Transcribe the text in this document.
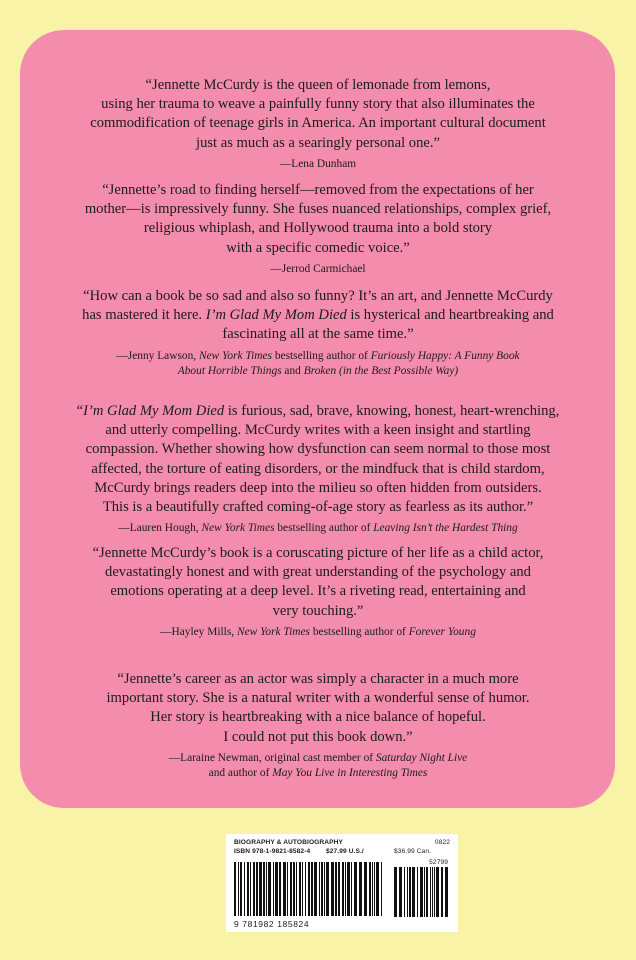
“Jennette McCurdy is the queen of lemonade from lemons,
using her trauma to weave a painfully funny story that also illuminates the
commodification of teenage girls in America. An important cultural document
just as much as a searingly personal one.”
—Lena Dunham
“Jennette’s road to finding herself—removed from the expectations of her
mother—is impressively funny. She fuses nuanced relationships, complex grief,
religious whiplash, and Hollywood trauma into a bold story
with a specific comedic voice.”
—Jerrod Carmichael
“How can a book be so sad and also so funny? It’s an art, and Jennette McCurdy
has mastered it here. I’m Glad My Mom Died is hysterical and heartbreaking and
fascinating all at the same time.”
—Jenny Lawson, New York Times bestselling author of Furiously Happy: A Funny Book
About Horrible Things and Broken (in the Best Possible Way)
“I’m Glad My Mom Died is furious, sad, brave, knowing, honest, heart-wrenching,
and utterly compelling. McCurdy writes with a keen insight and startling
compassion. Whether showing how dysfunction can seem normal to those most
affected, the torture of eating disorders, or the mindfuck that is child stardom,
McCurdy brings readers deep into the milieu so often hidden from outsiders.
This is a beautifully crafted coming-of-age story as fearless as its author.”
—Lauren Hough, New York Times bestselling author of Leaving Isn’t the Hardest Thing
“Jennette McCurdy’s book is a coruscating picture of her life as a child actor,
devastatingly honest and with great understanding of the psychology and
emotions operating at a deep level. It’s a riveting read, entertaining and
very touching.”
—Hayley Mills, New York Times bestselling author of Forever Young
“Jennette’s career as an actor was simply a character in a much more
important story. She is a natural writer with a wonderful sense of humor.
Her story is heartbreaking with a nice balance of hopeful.
I could not put this book down.”
—Laraine Newman, original cast member of Saturday Night Live
and author of May You Live in Interesting Times
BIOGRAPHY & AUTOBIOGRAPHY	0822
ISBN 978-1-9821-8582-4 $27.99 U.S./	$36.99 Can.
52799
9 781982 185824
